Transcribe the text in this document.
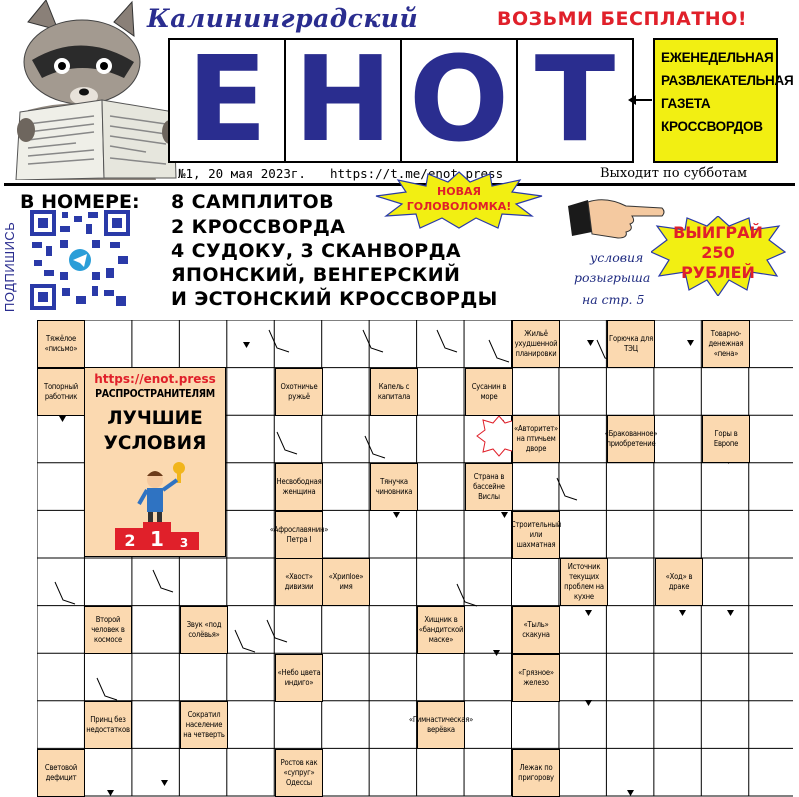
Калининградский	ВОЗЬМИ БЕСПЛАТНО!
Е Н О Т	ЕЖЕНЕДЕЛЬНАЯ
РАЗВЛЕКАТЕЛЬНАЯ
ГАЗЕТА
КРОССВОРДОВ
№1, 20 мая 2023г. https://t.me/enot_press	Выходит по субботам
ПОДПИШИСЬ
В НОМЕРЕ: 8 САМПЛИТОВ
2 КРОССВОРДА
4 СУДОКУ, 3 СКАНВОРДА
ЯПОНСКИЙ, ВЕНГЕРСКИЙ
И ЭСТОНСКИЙ КРОССВОРДЫ
НОВАЯ
ГОЛОВОЛОМКА!
ВЫИГРАЙ
250
РУБЛЕЙ
условия
розыгрыша
на стр. 5
Тяжёлое «письмо»
Жильё ухудшенной планировки
Горючка для ТЭЦ
Товарно-денежная «пена»
Топорный работник
Охотничье ружьё
Капель с капитала
Сусанин в море
«Авторитет» на птичьем дворе
«Бракованное» приобретение
Горы в Европе
Несвободная женщина
Тянучка чиновника
Страна в бассейне Вислы
«Афрославянин» Петра I
Строительный или шахматная
«Хвост» дивизии
«Хрипloe» имя
Источник текущих проблем на кухне
«Ход» в драке
Второй человек в космосе
Звук «под солёвья»
Хищник в «бандитской маске»
«Тыль» скакуна
«Небо цвета индиго»
«Грязное» железо
Принц без недостатков
Сократил население на четверть
«Гимнастическая» верёвка
Световой дефицит
Ростов как «супруг» Одессы
Лежак по пригорову
https://enot.press
РАСПРОСТРАНИТЕЛЯМ
ЛУЧШИЕ
УСЛОВИЯ
2 1 3
